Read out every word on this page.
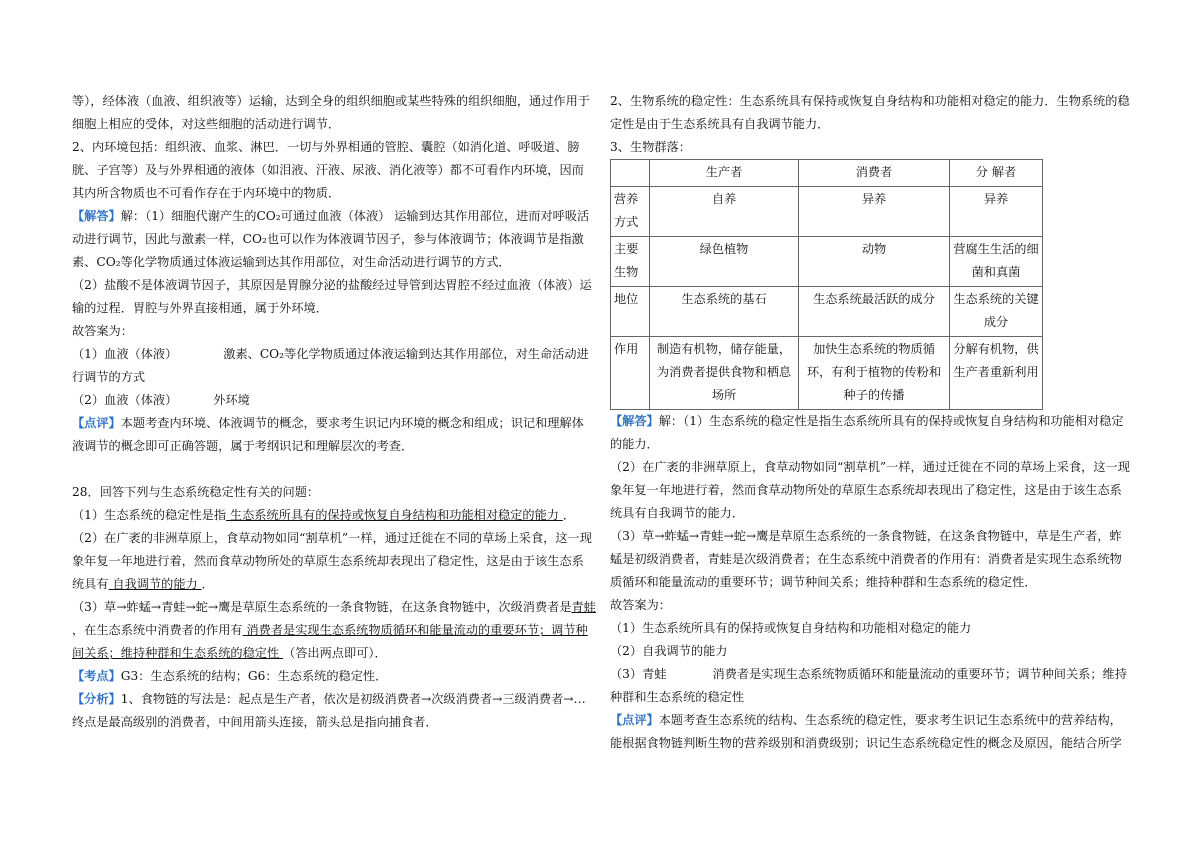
等），经体液（血液、组织液等）运输，达到全身的组织细胞或某些特殊的组织细胞，通过作用于细胞上相应的受体，对这些细胞的活动进行调节．

2、内环境包括：组织液、血浆、淋巴．一切与外界相通的管腔、囊腔（如消化道、呼吸道、膀胱、子宫等）及与外界相通的液体（如泪液、汗液、尿液、消化液等）都不可看作内环境，因而其内所含物质也不可看作存在于内环境中的物质．

【解答】解：（1）细胞代谢产生的CO₂可通过血液（体液） 运输到达其作用部位，进而对呼吸活动进行调节，因此与激素一样，CO₂也可以作为体液调节因子，参与体液调节；体液调节是指激素、CO₂等化学物质通过体液运输到达其作用部位，对生命活动进行调节的方式．

（2）盐酸不是体液调节因子，其原因是胃腺分泌的盐酸经过导管到达胃腔不经过血液（体液）运输的过程．胃腔与外界直接相通，属于外环境．

故答案为：

（1）血液（体液）	激素、CO₂等化学物质通过体液运输到达其作用部位，对生命活动进行调节的方式

（2）血液（体液）	外环境

【点评】本题考查内环境、体液调节的概念，要求考生识记内环境的概念和组成；识记和理解体液调节的概念即可正确答题，属于考纲识记和理解层次的考查．

28．回答下列与生态系统稳定性有关的问题：

（1）生态系统的稳定性是指 生态系统所具有的保持或恢复自身结构和功能相对稳定的能力 ．

（2）在广袤的非洲草原上，食草动物如同“割草机”一样，通过迁徙在不同的草场上采食，这一现象年复一年地进行着，然而食草动物所处的草原生态系统却表现出了稳定性，这是由于该生态系统具有 自我调节的能力 ．

（3）草→蚱蜢→青蛙→蛇→鹰是草原生态系统的一条食物链，在这条食物链中，次级消费者是青蛙 ，在生态系统中消费者的作用有 消费者是实现生态系统物质循环和能量流动的重要环节；调节种间关系；维持种群和生态系统的稳定性 （答出两点即可）．

【考点】G3：生态系统的结构；G6：生态系统的稳定性．

【分析】1、食物链的写法是：起点是生产者，依次是初级消费者→次级消费者→三级消费者→…终点是最高级别的消费者，中间用箭头连接，箭头总是指向捕食者．

2、生物系统的稳定性：生态系统具有保持或恢复自身结构和功能相对稳定的能力．生物系统的稳定性是由于生态系统具有自我调节能力．

3、生物群落：

	生产者	消费者	分 解者
营养方式	自养	异养	异养
主要生物	绿色植物	动物	营腐生生活的细菌和真菌
地位	生态系统的基石	生态系统最活跃的成分	生态系统的关键成分
作用	制造有机物，储存能量，为消费者提供食物和栖息场所	加快生态系统的物质循环，有利于植物的传粉和种子的传播	分解有机物，供生产者重新利用

【解答】解：（1）生态系统的稳定性是指生态系统所具有的保持或恢复自身结构和功能相对稳定的能力．

（2）在广袤的非洲草原上，食草动物如同“割草机”一样，通过迁徙在不同的草场上采食，这一现象年复一年地进行着，然而食草动物所处的草原生态系统却表现出了稳定性，这是由于该生态系统具有自我调节的能力．

（3）草→蚱蜢→青蛙→蛇→鹰是草原生态系统的一条食物链，在这条食物链中，草是生产者，蚱蜢是初级消费者，青蛙是次级消费者；在生态系统中消费者的作用有：消费者是实现生态系统物质循环和能量流动的重要环节；调节种间关系；维持种群和生态系统的稳定性．

故答案为：

（1）生态系统所具有的保持或恢复自身结构和功能相对稳定的能力

（2）自我调节的能力

（3）青蛙	消费者是实现生态系统物质循环和能量流动的重要环节；调节种间关系；维持种群和生态系统的稳定性

【点评】本题考查生态系统的结构、生态系统的稳定性，要求考生识记生态系统中的营养结构，能根据食物链判断生物的营养级别和消费级别；识记生态系统稳定性的概念及原因，能结合所学
